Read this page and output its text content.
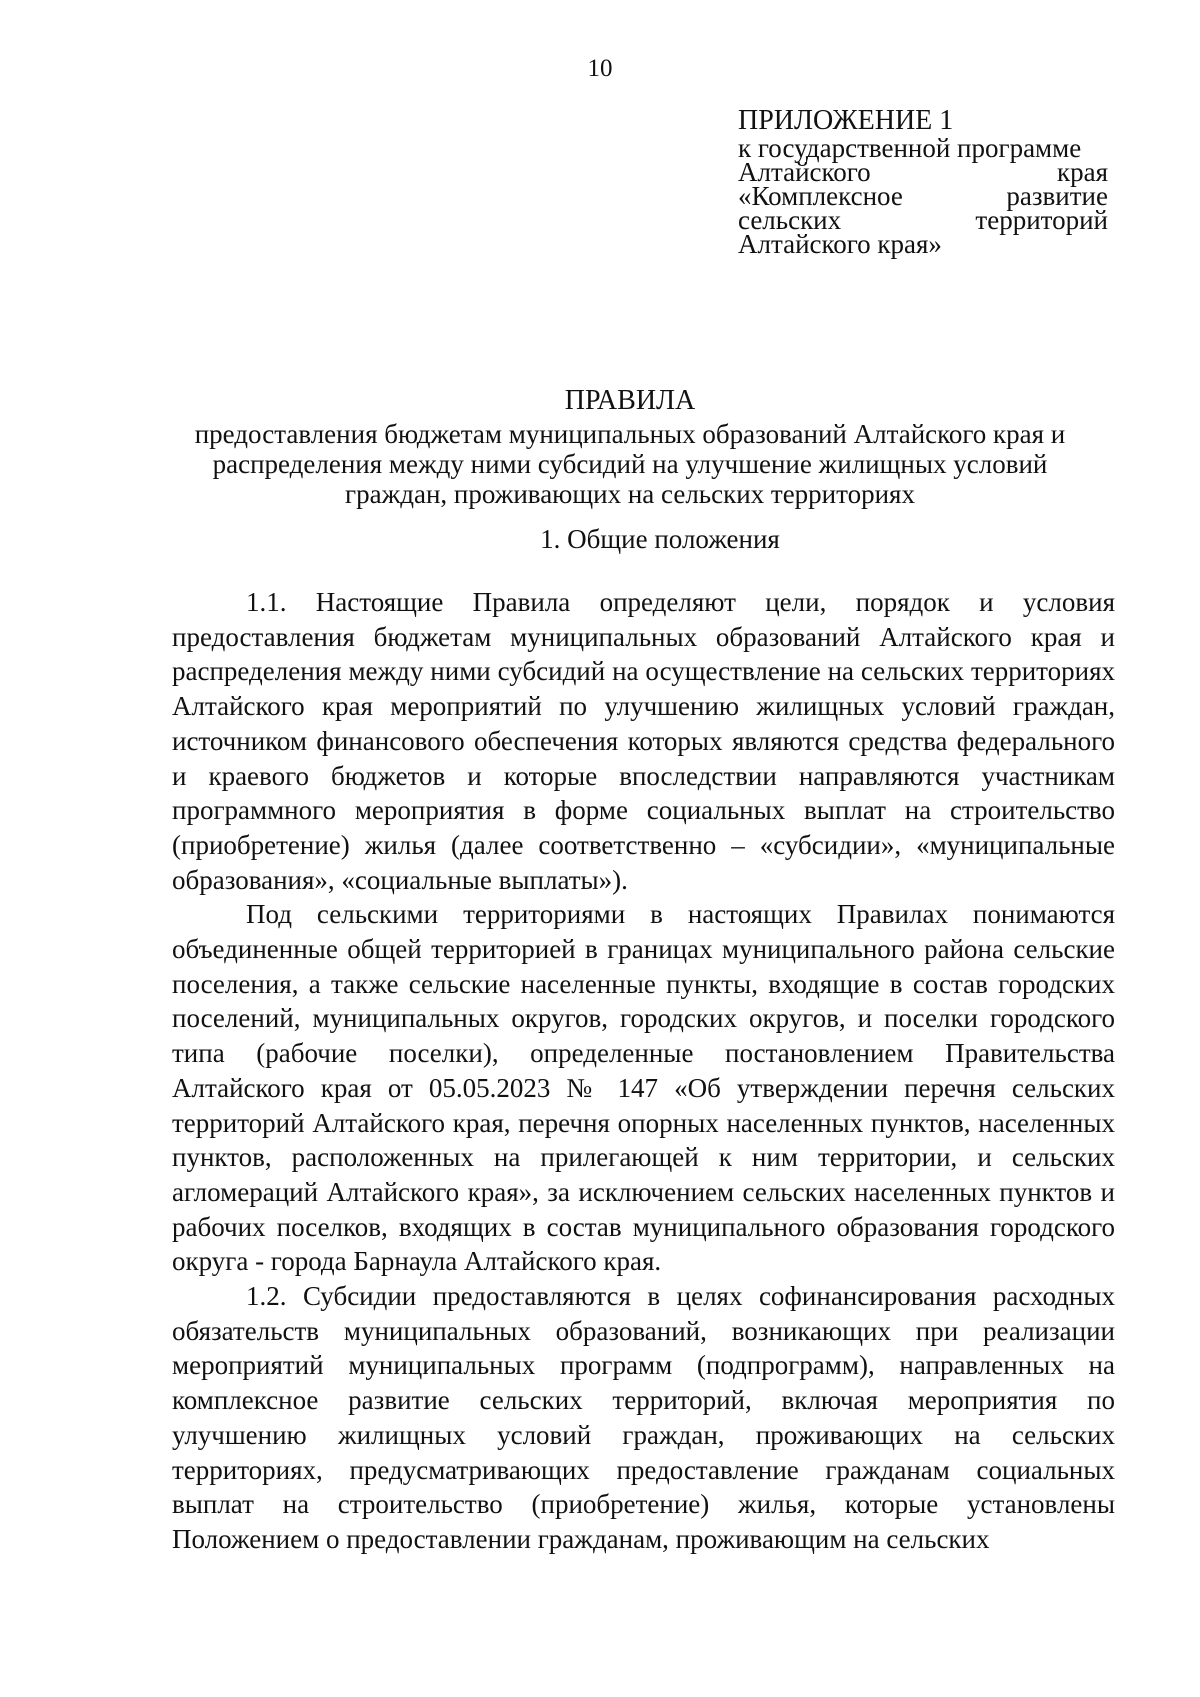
10
ПРИЛОЖЕНИЕ 1
к государственной программе
Алтайского	края
«Комплексное	развитие
сельских	территорий
Алтайского края»
ПРАВИЛА
предоставления бюджетам муниципальных образований Алтайского края и
распределения между ними субсидий на улучшение жилищных условий
граждан, проживающих на сельских территориях
1. Общие положения

1.1. Настоящие Правила определяют цели, порядок и условия предоставления бюджетам муниципальных образований Алтайского края и распределения между ними субсидий на осуществление на сельских территориях Алтайского края мероприятий по улучшению жилищных условий граждан, источником финансового обеспечения которых являются средства федерального и краевого бюджетов и которые впоследствии направляются участникам программного мероприятия в форме социальных выплат на строительство (приобретение) жилья (далее соответственно – «субсидии», «муниципальные образования», «социальные выплаты»).

Под сельскими территориями в настоящих Правилах понимаются объединенные общей территорией в границах муниципального района сельские поселения, а также сельские населенные пункты, входящие в состав городских поселений, муниципальных округов, городских округов, и поселки городского типа (рабочие поселки), определенные постановлением Правительства Алтайского края от 05.05.2023 № 147 «Об утверждении перечня сельских территорий Алтайского края, перечня опорных населенных пунктов, населенных пунктов, расположенных на прилегающей к ним территории, и сельских агломераций Алтайского края», за исключением сельских населенных пунктов и рабочих поселков, входящих в состав муниципального образования городского округа - города Барнаула Алтайского края.

1.2. Субсидии предоставляются в целях софинансирования расходных обязательств муниципальных образований, возникающих при реализации мероприятий муниципальных программ (подпрограмм), направленных на комплексное развитие сельских территорий, включая мероприятия по улучшению жилищных условий граждан, проживающих на сельских территориях, предусматривающих предоставление гражданам социальных выплат на строительство (приобретение) жилья, которые установлены Положением о предоставлении гражданам, проживающим на сельских
